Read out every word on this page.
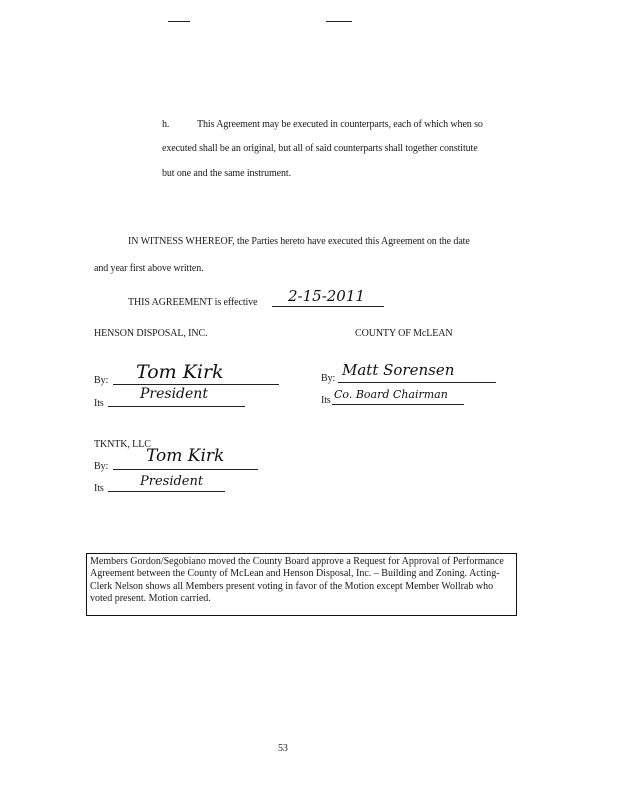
h.	This Agreement may be executed in counterparts, each of which when so
executed shall be an original, but all of said counterparts shall together constitute
but one and the same instrument.
IN WITNESS WHEREOF, the Parties hereto have executed this Agreement on the date
and year first above written.
THIS AGREEMENT is effective 2-15-2011
HENSON DISPOSAL, INC.	COUNTY OF McLEAN
By: Tom Kirk
Its
President
By: Matt Sorensen
Its Co. Board Chairman
TKNTK, LLC
By:
Tom Kirk
Its	President

Members Gordon/Segobiano moved the County Board approve a Request for Approval of Performance Agreement between the County of McLean and Henson Disposal, Inc. – Building and Zoning. Acting-Clerk Nelson shows all Members present voting in favor of the Motion except Member Wollrab who voted present. Motion carried.

53
